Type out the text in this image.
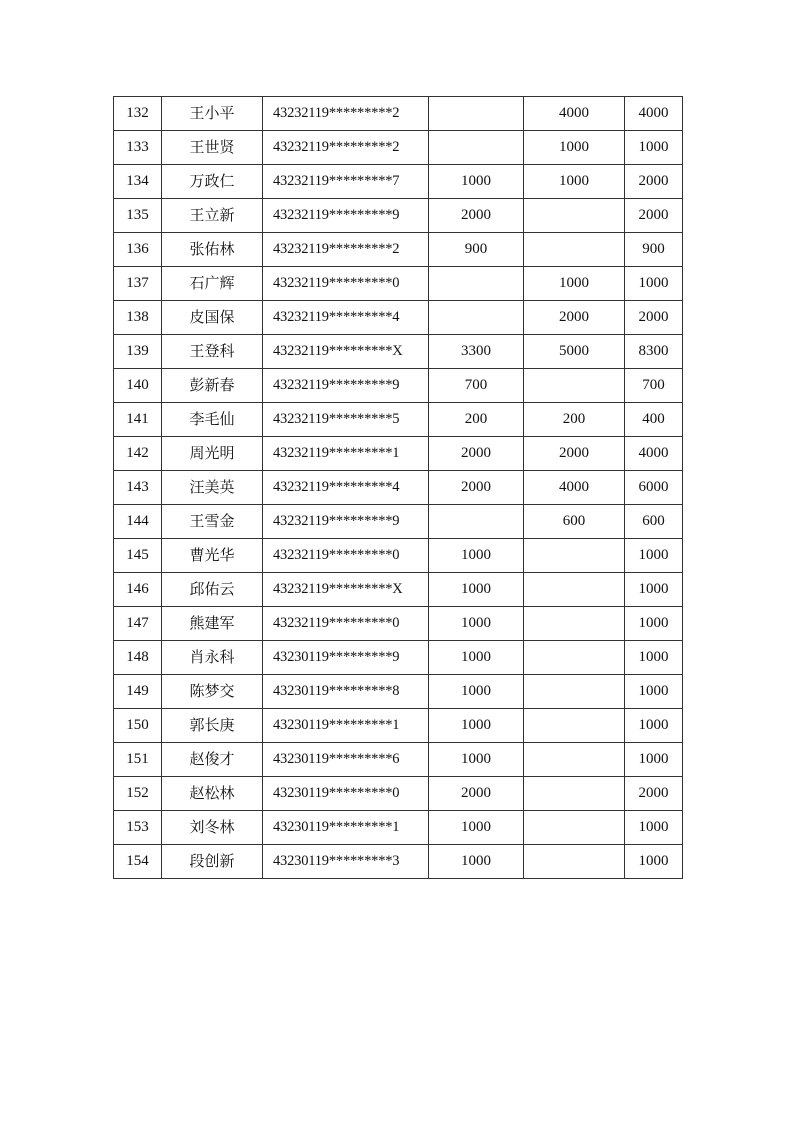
132	王小平	43232119*********2		4000	4000
133	王世贤	43232119*********2		1000	1000
134	万政仁	43232119*********7	1000	1000	2000
135	王立新	43232119*********9	2000		2000
136	张佑林	43232119*********2	900		900
137	石广辉	43232119*********0		1000	1000
138	皮国保	43232119*********4		2000	2000
139	王登科	43232119*********X	3300	5000	8300
140	彭新春	43232119*********9	700		700
141	李毛仙	43232119*********5	200	200	400
142	周光明	43232119*********1	2000	2000	4000
143	汪美英	43232119*********4	2000	4000	6000
144	王雪金	43232119*********9		600	600
145	曹光华	43232119*********0	1000		1000
146	邱佑云	43232119*********X	1000		1000
147	熊建军	43232119*********0	1000		1000
148	肖永科	43230119*********9	1000		1000
149	陈梦交	43230119*********8	1000		1000
150	郭长庚	43230119*********1	1000		1000
151	赵俊才	43230119*********6	1000		1000
152	赵松林	43230119*********0	2000		2000
153	刘冬林	43230119*********1	1000		1000
154	段创新	43230119*********3	1000		1000
